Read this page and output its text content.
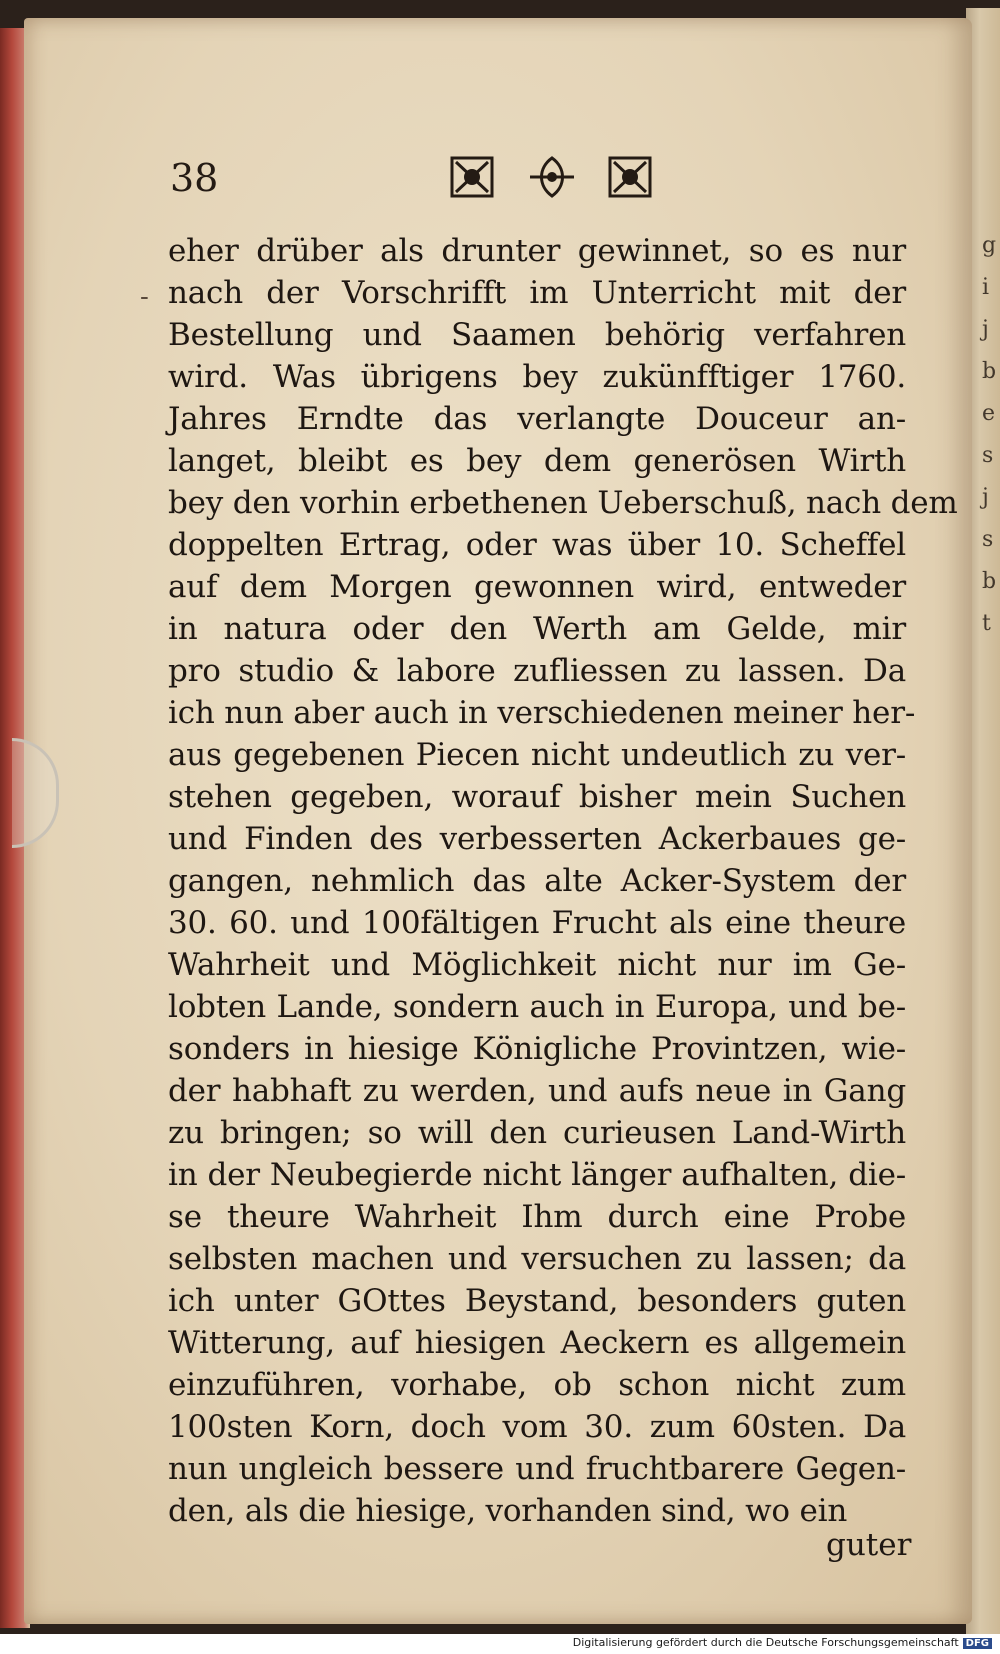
g
i
j
b
e
s
j
s
b
t
38
-
eher drüber als drunter gewinnet, so es nur
nach der Vorschrifft im Unterricht mit der
Bestellung und Saamen behörig verfahren
wird. Was übrigens bey zukünfftiger 1760.
Jahres Erndte das verlangte Douceur an-
langet, bleibt es bey dem generösen Wirth
bey den vorhin erbethenen Ueberschuß, nach dem
doppelten Ertrag, oder was über 10. Scheffel
auf dem Morgen gewonnen wird, entweder
in natura oder den Werth am Gelde, mir
pro studio & labore zufliessen zu lassen. Da
ich nun aber auch in verschiedenen meiner her-
aus gegebenen Piecen nicht undeutlich zu ver-
stehen gegeben, worauf bisher mein Suchen
und Finden des verbesserten Ackerbaues ge-
gangen, nehmlich das alte Acker-System der
30. 60. und 100fältigen Frucht als eine theure
Wahrheit und Möglichkeit nicht nur im Ge-
lobten Lande, sondern auch in Europa, und be-
sonders in hiesige Königliche Provintzen, wie-
der habhaft zu werden, und aufs neue in Gang
zu bringen; so will den curieusen Land-Wirth
in der Neubegierde nicht länger aufhalten, die-
se theure Wahrheit Ihm durch eine Probe
selbsten machen und versuchen zu lassen; da
ich unter GOttes Beystand, besonders guten
Witterung, auf hiesigen Aeckern es allgemein
einzuführen, vorhabe, ob schon nicht zum
100sten Korn, doch vom 30. zum 60sten. Da
nun ungleich bessere und fruchtbarere Gegen-
den, als die hiesige, vorhanden sind, wo ein
guter
Digitalisierung gefördert durch die Deutsche Forschungsgemeinschaft DFG
